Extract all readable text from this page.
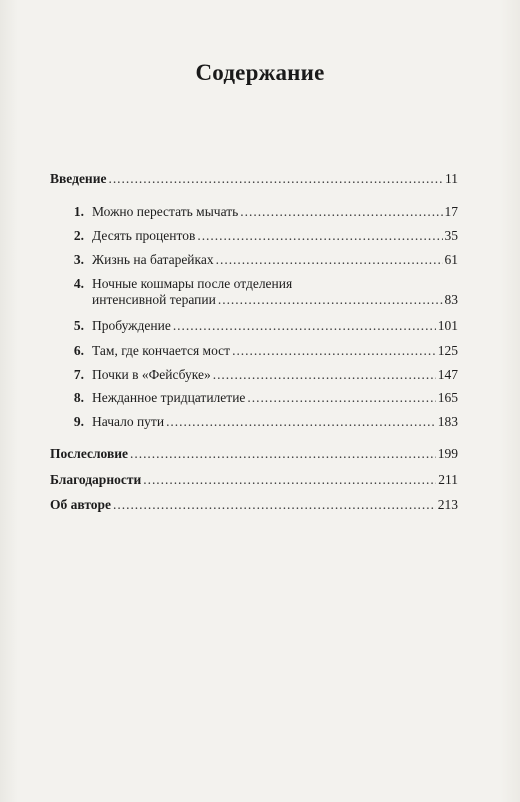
Содержание
Введение . . .	11
1. Можно перестать мычать . . .	17
2. Десять процентов . . .	35
3. Жизнь на батарейках . . .	61
4. Ночные кошмары после отделения
интенсивной терапии . . .	83
5. Пробуждение . . .	101
6. Там, где кончается мост . . .	125
7. Почки в «Фейсбуке» . . .	147
8. Нежданное тридцатилетие . . .	165
9. Начало пути . . .	183
Послесловие . . .	199
Благодарности . . .	211
Об авторе . . .	213
